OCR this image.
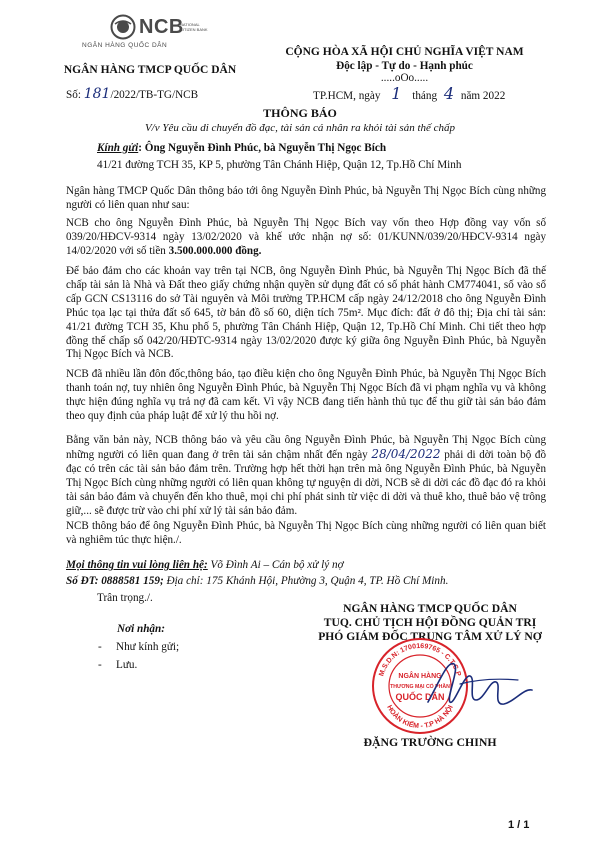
NCB
NATIONAL CITIZEN BANK
NGÂN HÀNG QUỐC DÂN
NGÂN HÀNG TMCP QUỐC DÂN
CỘNG HÒA XÃ HỘI CHỦ NGHĨA VIỆT NAM
Độc lập - Tự do - Hạnh phúc
.....oOo.....
Số: 181/2022/TB-TG/NCB	TP.HCM, ngày 1 tháng 4 năm 2022
THÔNG BÁO
V/v Yêu cầu di chuyển đồ đạc, tài sản cá nhân ra khỏi tài sản thế chấp
Kính gửi: Ông Nguyễn Đình Phúc, bà Nguyễn Thị Ngọc Bích
41/21 đường TCH 35, KP 5, phường Tân Chánh Hiệp, Quận 12, Tp.Hồ Chí Minh
Ngân hàng TMCP Quốc Dân thông báo tới ông Nguyễn Đình Phúc, bà Nguyễn Thị Ngọc Bích cùng những người có liên quan như sau:
NCB cho ông Nguyễn Đình Phúc, bà Nguyễn Thị Ngọc Bích vay vốn theo Hợp đồng vay vốn số 039/20/HĐCV-9314 ngày 13/02/2020 và khế ước nhận nợ số: 01/KUNN/039/20/HĐCV-9314 ngày 14/02/2020 với số tiền 3.500.000.000 đồng.
Để bảo đảm cho các khoản vay trên tại NCB, ông Nguyễn Đình Phúc, bà Nguyễn Thị Ngọc Bích đã thế chấp tài sản là Nhà và Đất theo giấy chứng nhận quyền sử dụng đất có số phát hành CM774041, số vào sổ cấp GCN CS13116 do sở Tài nguyên và Môi trường TP.HCM cấp ngày 24/12/2018 cho ông Nguyễn Đình Phúc tọa lạc tại thửa đất số 645, tờ bản đồ số 60, diện tích 75m². Mục đích: đất ở đô thị; Địa chỉ tài sản: 41/21 đường TCH 35, Khu phố 5, phường Tân Chánh Hiệp, Quận 12, Tp.Hồ Chí Minh. Chi tiết theo hợp đồng thế chấp số 042/20/HĐTC-9314 ngày 13/02/2020 được ký giữa ông Nguyễn Đình Phúc, bà Nguyễn Thị Ngọc Bích và NCB.
NCB đã nhiều lần đôn đốc,thông báo, tạo điều kiện cho ông Nguyễn Đình Phúc, bà Nguyễn Thị Ngọc Bích thanh toán nợ, tuy nhiên ông Nguyễn Đình Phúc, bà Nguyễn Thị Ngọc Bích đã vi phạm nghĩa vụ và không thực hiện đúng nghĩa vụ trả nợ đã cam kết. Vì vậy NCB đang tiến hành thủ tục để thu giữ tài sản bảo đảm theo quy định của pháp luật để xử lý thu hồi nợ.
Bằng văn bản này, NCB thông báo và yêu cầu ông Nguyễn Đình Phúc, bà Nguyễn Thị Ngọc Bích cùng những người có liên quan đang ở trên tài sản chậm nhất đến ngày 28/04/2022 phải di dời toàn bộ đồ đạc có trên các tài sản bảo đảm trên. Trường hợp hết thời hạn trên mà ông Nguyễn Đình Phúc, bà Nguyễn Thị Ngọc Bích cùng những người có liên quan không tự nguyện di dời, NCB sẽ di dời các đồ đạc đó ra khỏi tài sản bảo đảm và chuyển đến kho thuê, mọi chi phí phát sinh từ việc di dời và thuê kho, thuê bảo vệ trông giữ,... sẽ được trừ vào chi phí xử lý tài sản bảo đảm.
NCB thông báo để ông Nguyễn Đình Phúc, bà Nguyễn Thị Ngọc Bích cùng những người có liên quan biết và nghiêm túc thực hiện./.
Mọi thông tin vui lòng liên hệ: Võ Đình Ai – Cán bộ xử lý nợ
Số ĐT: 0888581 159; Địa chỉ: 175 Khánh Hội, Phường 3, Quận 4, TP. Hồ Chí Minh.
Trân trọng./.
Nơi nhận:
- Như kính gửi;
- Lưu.
NGÂN HÀNG TMCP QUỐC DÂN
TUQ. CHỦ TỊCH HỘI ĐỒNG QUẢN TRỊ
PHÓ GIÁM ĐỐC TRUNG TÂM XỬ LÝ NỢ
M.S.D.N: 1700169765 - C.T.C.P
HOÀN KIẾM - T.P HÀ NỘI
NGÂN HÀNG
THƯƠNG MẠI CỔ PHẦN
QUỐC DÂN
ĐẶNG TRƯỜNG CHINH
1 / 1
